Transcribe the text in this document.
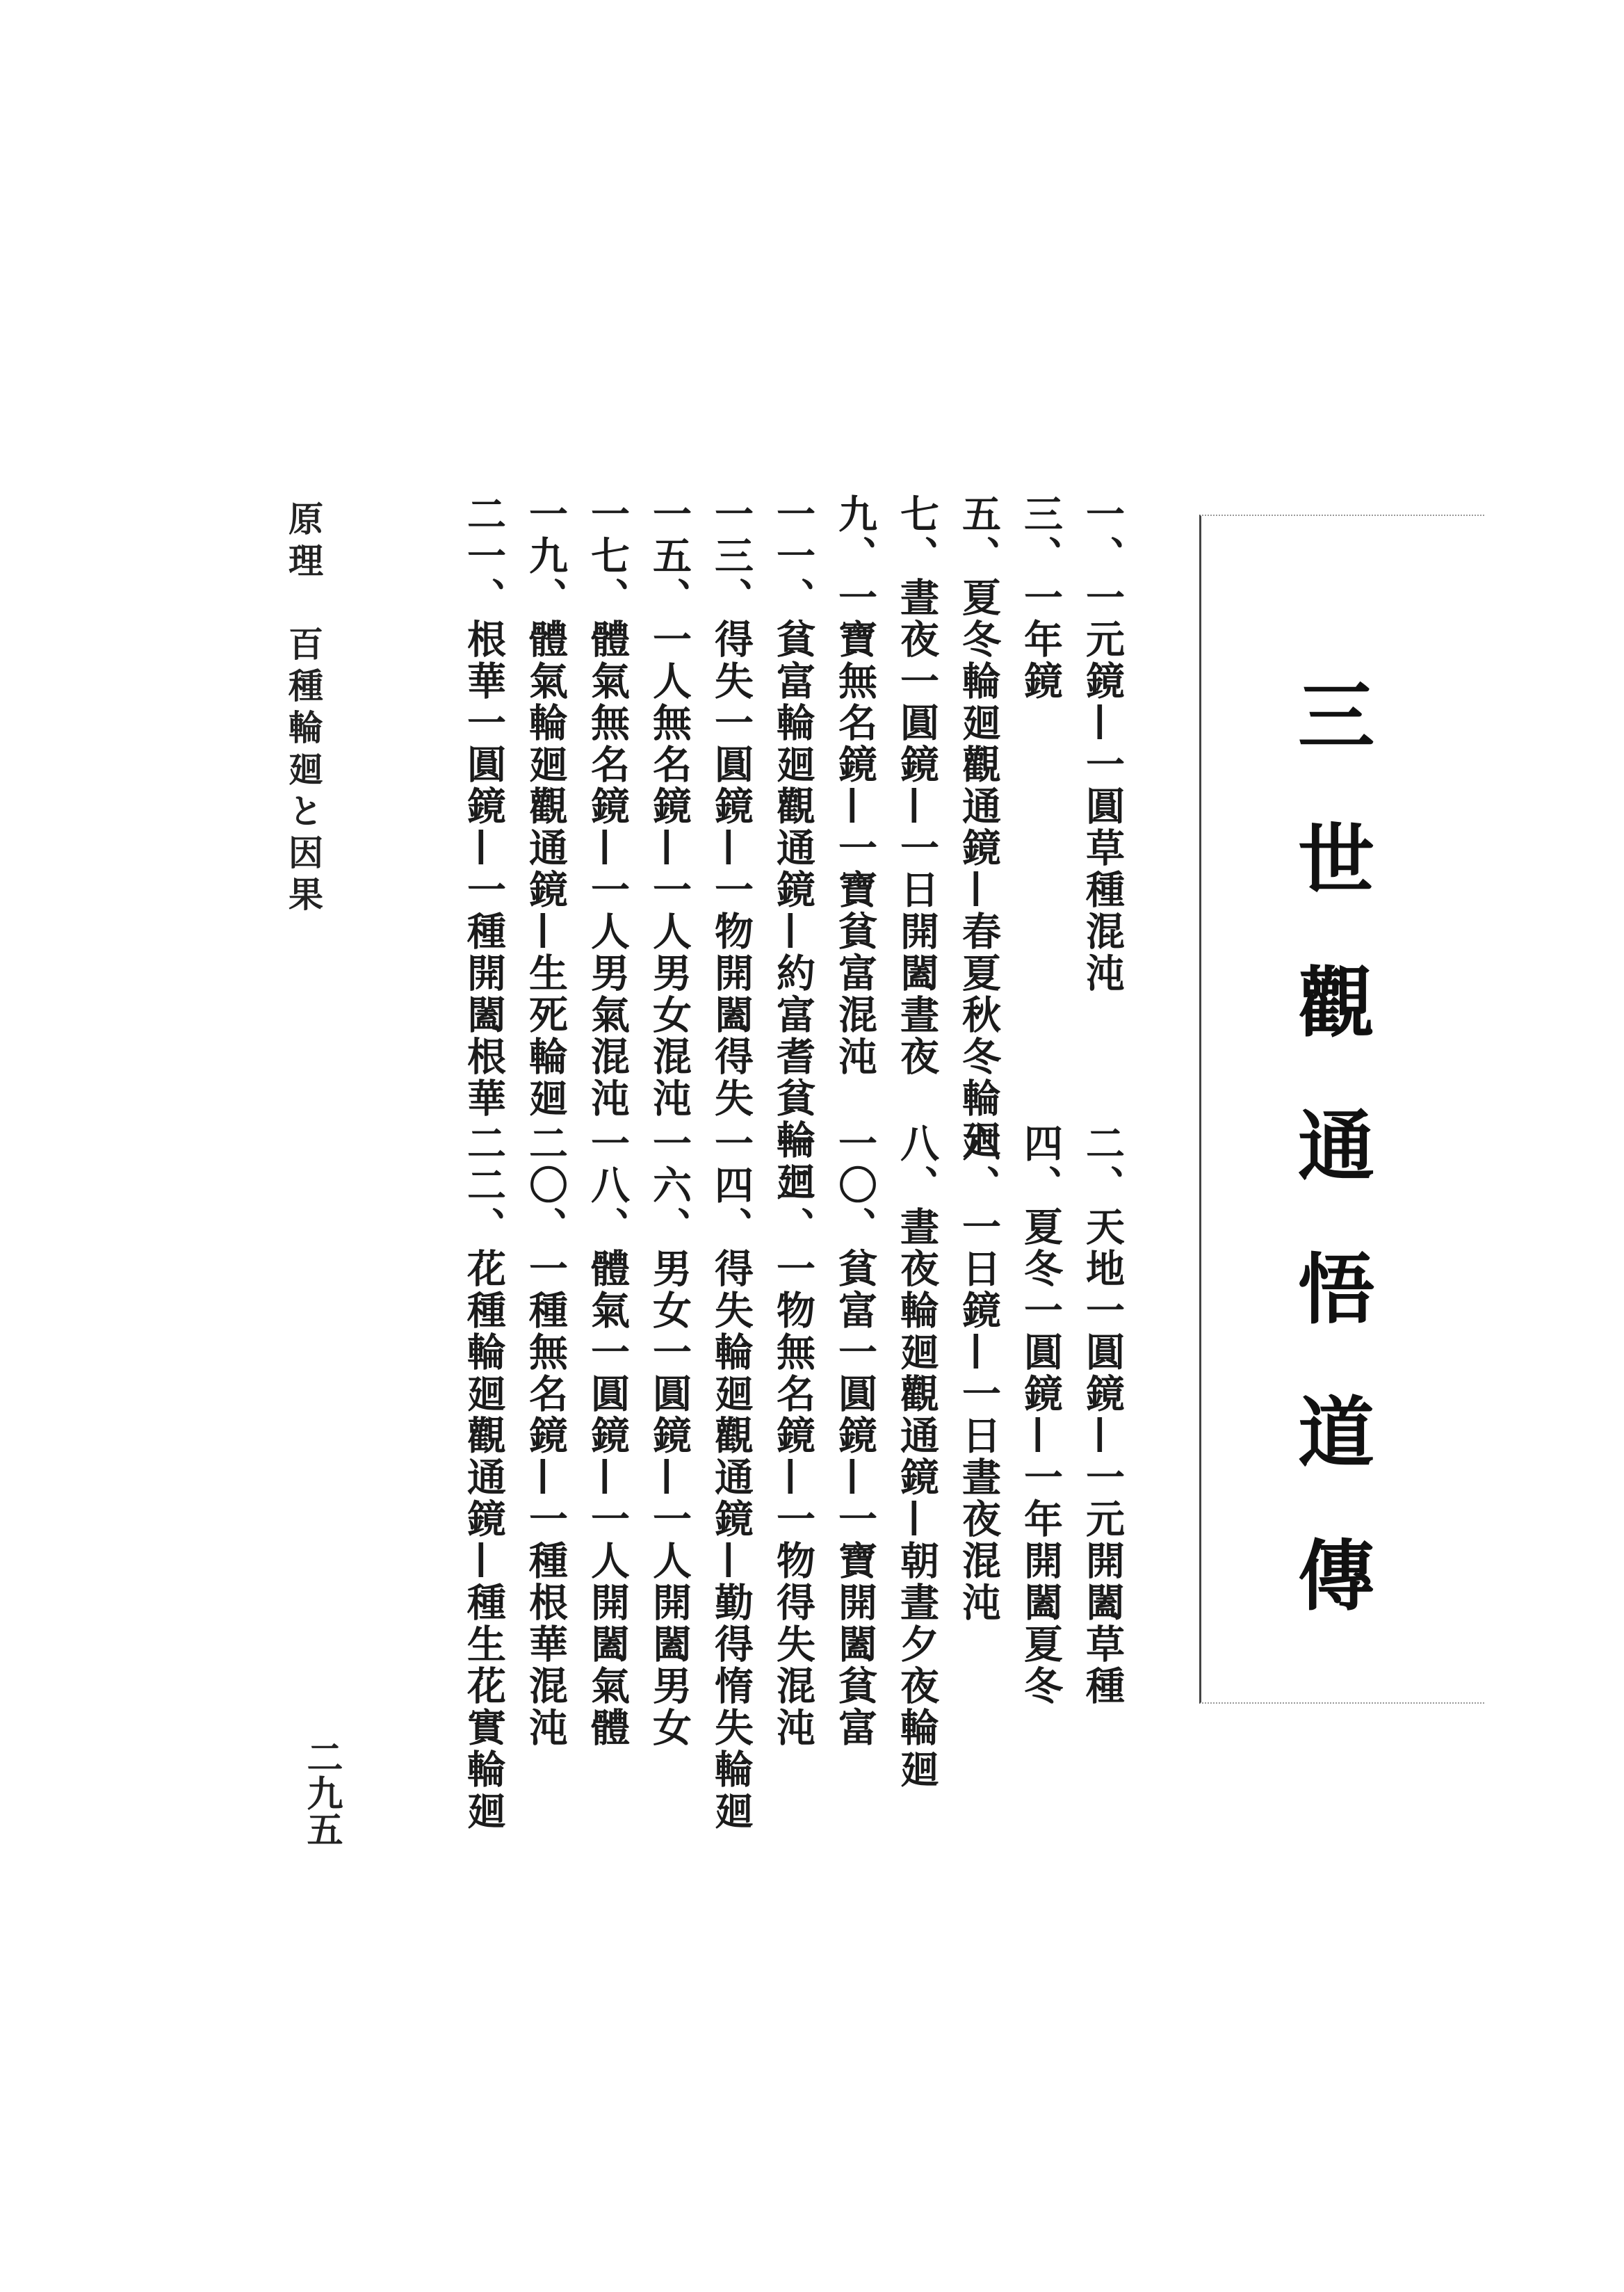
三世觀通悟道傳
一、一元鏡—一圓草種混沌
三、一年鏡
五、夏冬輪廻觀通鏡—春夏秋冬輪廻
七、晝夜一圓鏡—一日開闔晝夜
九、一寶無名鏡—一寶貧富混沌
一一、貧富輪廻觀通鏡—約富耆貧輪廻
一三、得失一圓鏡—一物開闔得失
一五、一人無名鏡—一人男女混沌
一七、體氣無名鏡—一人男氣混沌
一九、體氣輪廻觀通鏡—生死輪廻
二一、根華一圓鏡—一種開闔根華
二、天地一圓鏡—一元開闔草種
四、夏冬一圓鏡—一年開闔夏冬
六、一日鏡—一日晝夜混沌
八、晝夜輪廻觀通鏡—朝晝夕夜輪廻
一〇、貧富一圓鏡—一寶開闔貧富
一二、一物無名鏡—一物得失混沌
一四、得失輪廻觀通鏡—勤得惰失輪廻
一六、男女一圓鏡—一人開闔男女
一八、體氣一圓鏡—一人開闔氣體
二〇、一種無名鏡—一種根華混沌
二二、花種輪廻觀通鏡—種生花實輪廻
原理　百種輪廻と因果
二九五
